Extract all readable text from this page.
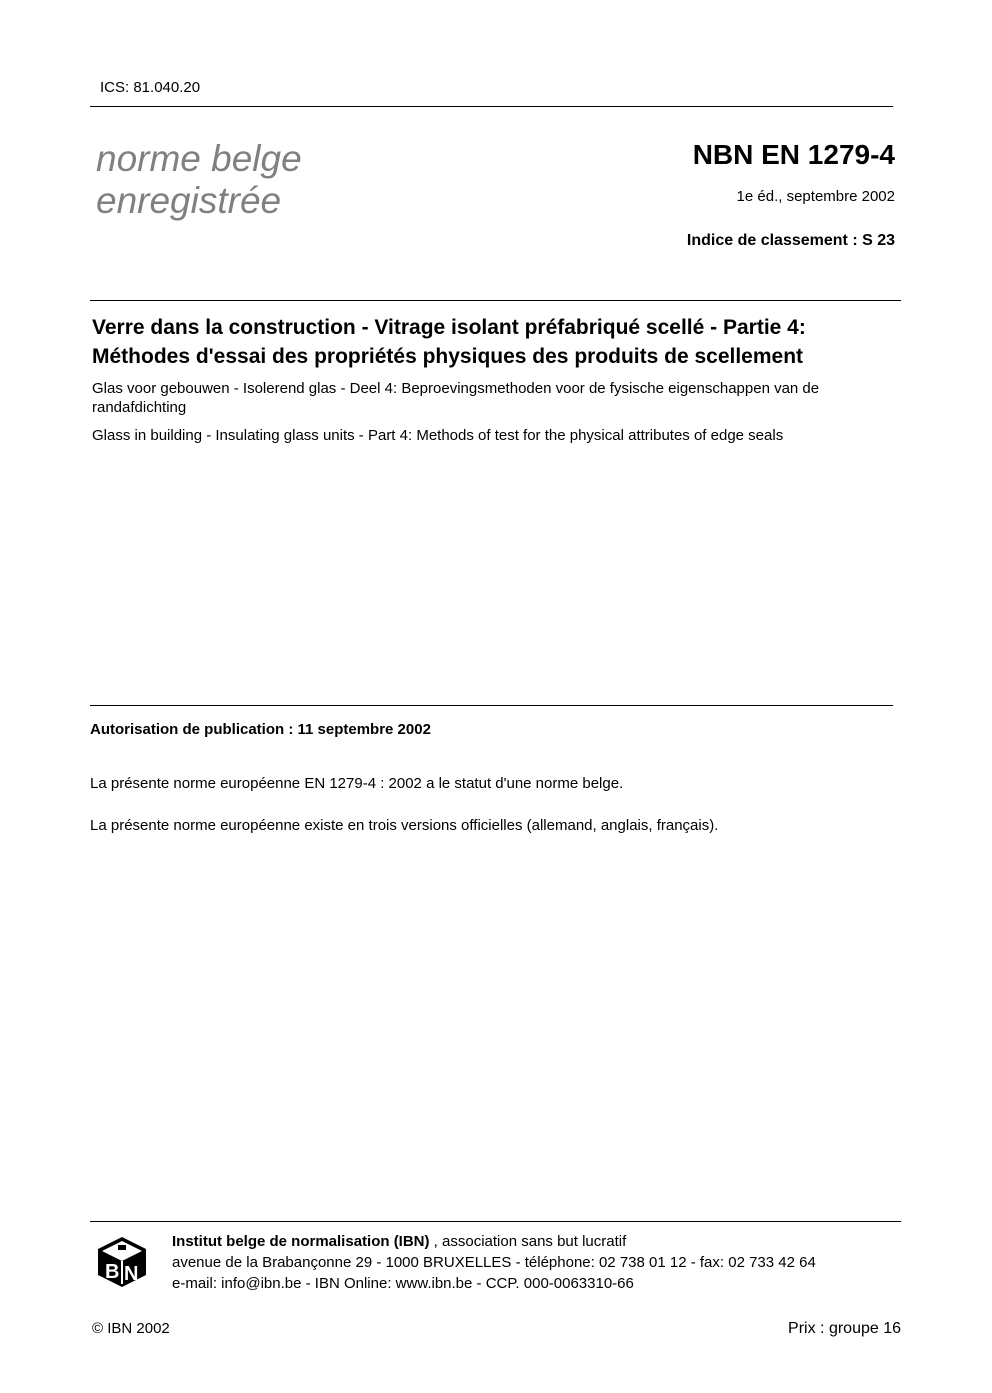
ICS: 81.040.20
norme belge
enregistrée
NBN EN 1279-4
1e éd., septembre 2002
Indice de classement : S 23
Verre dans la construction - Vitrage isolant préfabriqué scellé - Partie 4:
Méthodes d'essai des propriétés physiques des produits de scellement
Glas voor gebouwen - Isolerend glas - Deel 4: Beproevingsmethoden voor de fysische eigenschappen van de randafdichting
Glass in building - Insulating glass units - Part 4: Methods of test for the physical attributes of edge seals
Autorisation de publication : 11 septembre 2002
La présente norme européenne EN 1279-4 : 2002 a le statut d'une norme belge.
La présente norme européenne existe en trois versions officielles (allemand, anglais, français).
B N
Institut belge de normalisation (IBN) , association sans but lucratif
avenue de la Brabançonne 29 - 1000 BRUXELLES - téléphone: 02 738 01 12 - fax: 02 733 42 64
e-mail: info@ibn.be - IBN Online: www.ibn.be - CCP. 000-0063310-66
© IBN 2002	Prix : groupe 16
